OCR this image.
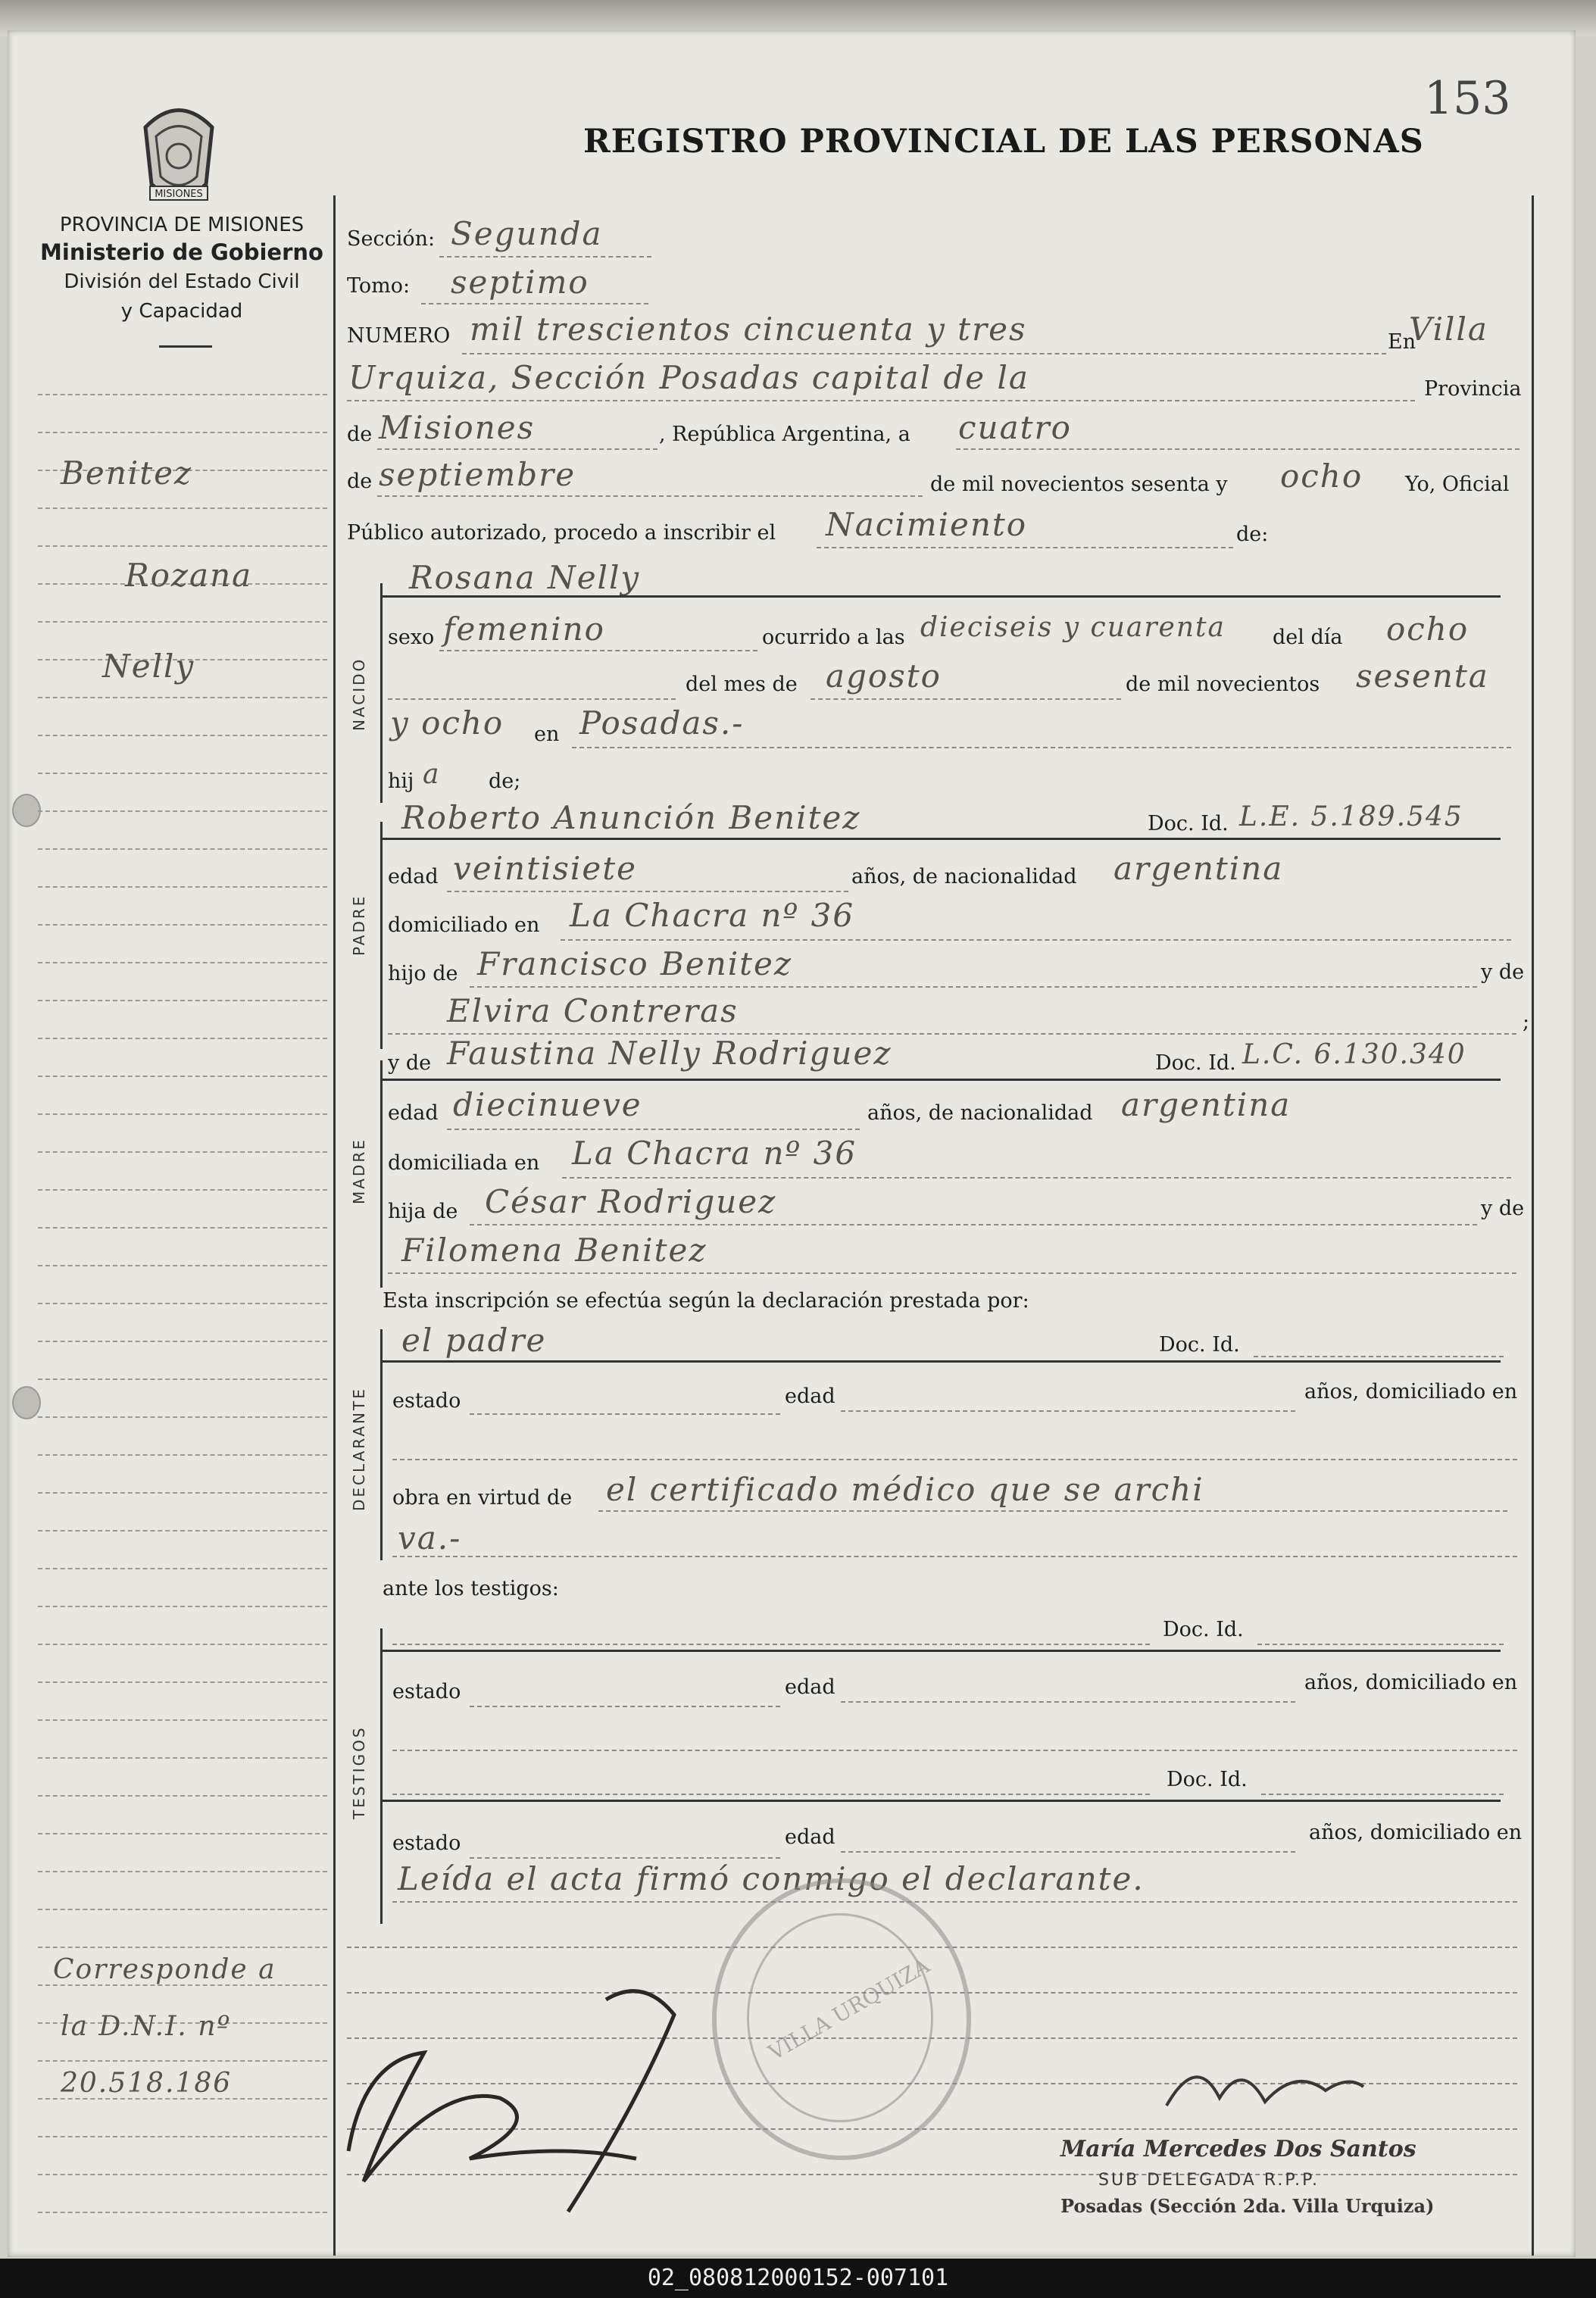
153
REGISTRO PROVINCIAL DE LAS PERSONAS
MISIONES
PROVINCIA DE MISIONES
Ministerio de Gobierno
División del Estado Civil
y Capacidad
Benitez
Rozana
Nelly
Corresponde a
la D.N.I. nº
20.518.186
Sección: Segunda
Tomo: septimo
NUMERO mil trescientos cincuenta y tres	En
Villa
Urquiza, Sección Posadas capital de la	Provincia
de Misiones	, República Argentina, a cuatro
de septiembre	de mil novecientos sesenta y ocho Yo, Oficial
Público autorizado, procedo a inscribir el Nacimiento	de:
NACIDO
Rosana Nelly
sexo femenino	ocurrido a las dieciseis y cuarenta del día ocho
del mes de agosto	de mil novecientos sesenta
y ocho en Posadas.-
hij a de;
PADRE
Roberto Anunción Benitez	Doc. Id. L.E. 5.189.545
edad veintisiete	años, de nacionalidad argentina
domiciliado en La Chacra nº 36
hijo de Francisco Benitez	y de
Elvira Contreras	;
MADRE
y de Faustina Nelly Rodriguez	Doc. Id. L.C. 6.130.340
edad diecinueve	años, de nacionalidad argentina
domiciliada en La Chacra nº 36
hija de César Rodriguez	y de
Filomena Benitez
Esta inscripción se efectúa según la declaración prestada por:
DECLARANTE
el padre	Doc. Id.
estado	edad	años, domiciliado en
obra en virtud de el certificado médico que se archi
va.-
ante los testigos:
TESTIGOS
Doc. Id.
estado	edad	años, domiciliado en
Doc. Id.
estado	edad	años, domiciliado en
Leída el acta firmó conmigo el declarante.
VILLA URQUIZA
María Mercedes Dos Santos
SUB DELEGADA R.P.P.
Posadas (Sección 2da. Villa Urquiza)
02_080812000152-007101
